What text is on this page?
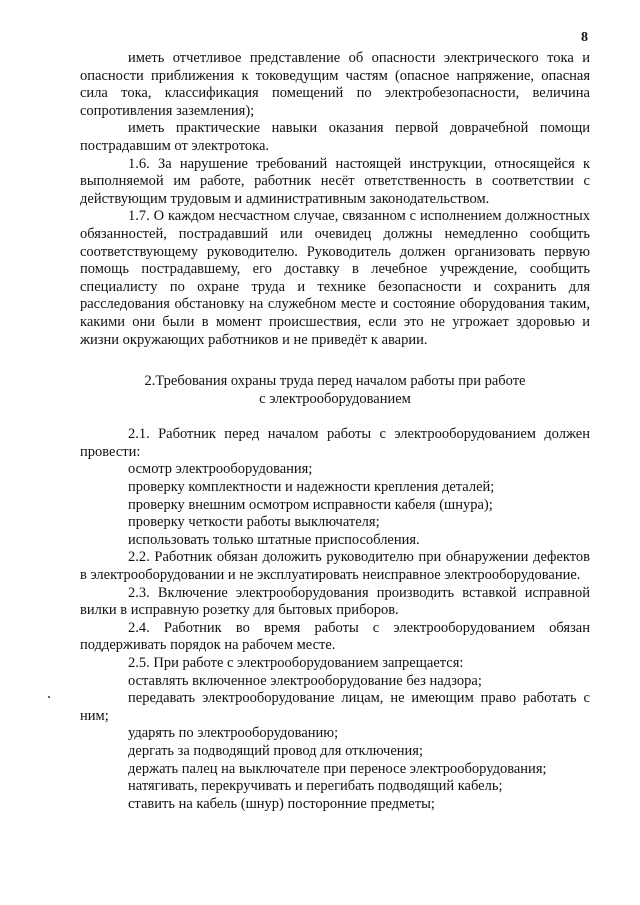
8

иметь отчетливое представление об опасности электрического тока и опасности приближения к токоведущим частям (опасное напряжение, опасная сила тока, классификация помещений по электробезопасности, величина сопротивления заземления);

иметь практические навыки оказания первой доврачебной помощи пострадавшим от электротока.

1.6. За нарушение требований настоящей инструкции, относящейся к выполняемой им работе, работник несёт ответственность в соответствии с действующим трудовым и административным законодательством.

1.7. О каждом несчастном случае, связанном с исполнением должностных обязанностей, пострадавший или очевидец должны немедленно сообщить соответствующему руководителю. Руководитель должен организовать первую помощь пострадавшему, его доставку в лечебное учреждение, сообщить специалисту по охране труда и технике безопасности и сохранить для расследования обстановку на служебном месте и состояние оборудования таким, какими они были в момент происшествия, если это не угрожает здоровью и жизни окружающих работников и не приведёт к аварии.

2.Требования охраны труда перед началом работы при работе
с электрооборудованием

2.1. Работник перед началом работы с электрооборудованием должен провести:

осмотр электрооборудования;

проверку комплектности и надежности крепления деталей;

проверку внешним осмотром исправности кабеля (шнура);

проверку четкости работы выключателя;

использовать только штатные приспособления.

2.2. Работник обязан доложить руководителю при обнаружении дефектов в электрооборудовании и не эксплуатировать неисправное электрооборудование.

2.3. Включение электрооборудования производить вставкой исправной вилки в исправную розетку для бытовых приборов.

2.4. Работник во время работы с электрооборудованием обязан поддерживать порядок на рабочем месте.

2.5. При работе с электрооборудованием запрещается:

оставлять включенное электрооборудование без надзора;

передавать электрооборудование лицам, не имеющим право работать с ним;

ударять по электрооборудованию;

дергать за подводящий провод для отключения;

держать палец на выключателе при переносе электрооборудования;

натягивать, перекручивать и перегибать подводящий кабель;

ставить на кабель (шнур) посторонние предметы;
